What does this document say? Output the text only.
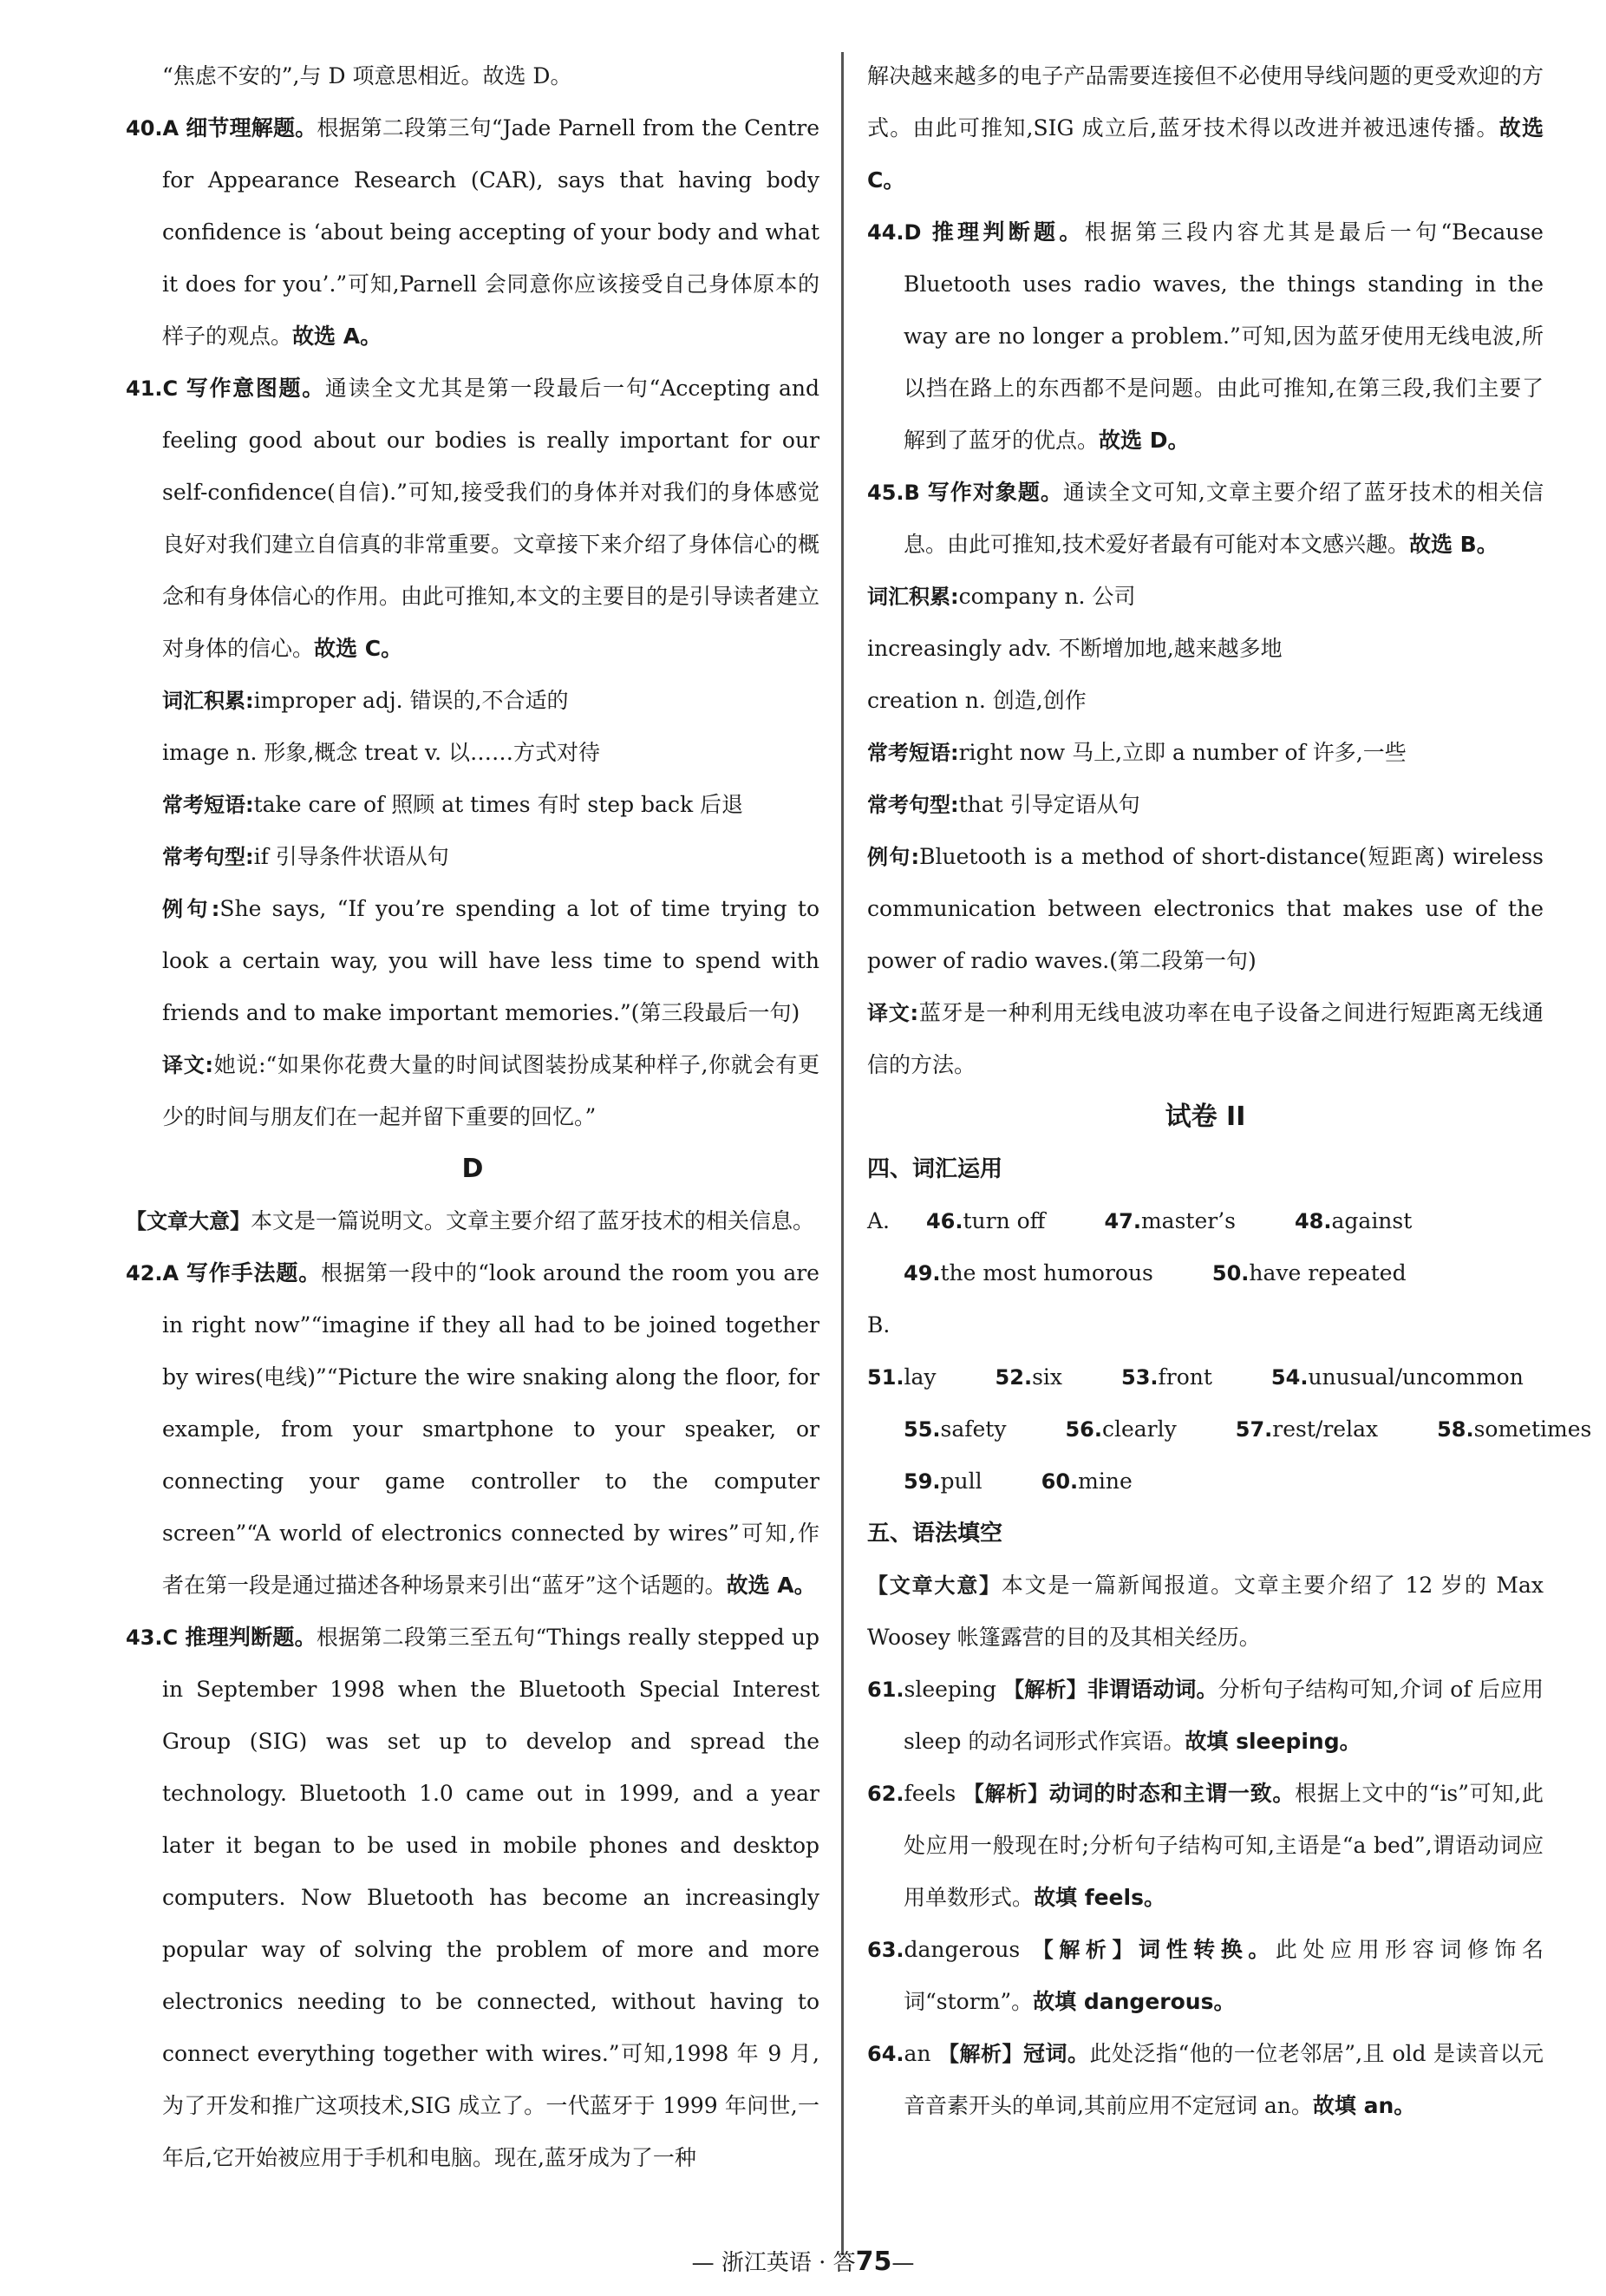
“焦虑不安的”,与 D 项意思相近。故选 D。

40.A 细节理解题。根据第二段第三句“Jade Parnell from the Centre for Appearance Research (CAR), says that having body confidence is ‘about being accepting of your body and what it does for you’.”可知,Parnell 会同意你应该接受自己身体原本的样子的观点。故选 A。

41.C 写作意图题。通读全文尤其是第一段最后一句“Accepting and feeling good about our bodies is really important for our self-confidence(自信).”可知,接受我们的身体并对我们的身体感觉良好对我们建立自信真的非常重要。文章接下来介绍了身体信心的概念和有身体信心的作用。由此可推知,本文的主要目的是引导读者建立对身体的信心。故选 C。

词汇积累:improper adj. 错误的,不合适的

image n. 形象,概念 treat v. 以……方式对待

常考短语:take care of 照顾 at times 有时 step back 后退

常考句型:if 引导条件状语从句

例句:She says, “If you’re spending a lot of time trying to look a certain way, you will have less time to spend with friends and to make important memories.”(第三段最后一句)

译文:她说:“如果你花费大量的时间试图装扮成某种样子,你就会有更少的时间与朋友们在一起并留下重要的回忆。”

D

【文章大意】本文是一篇说明文。文章主要介绍了蓝牙技术的相关信息。

42.A 写作手法题。根据第一段中的“look around the room you are in right now”“imagine if they all had to be joined together by wires(电线)”“Picture the wire snaking along the floor, for example, from your smartphone to your speaker, or connecting your game controller to the computer screen”“A world of electronics connected by wires”可知,作者在第一段是通过描述各种场景来引出“蓝牙”这个话题的。故选 A。

43.C 推理判断题。根据第二段第三至五句“Things really stepped up in September 1998 when the Bluetooth Special Interest Group (SIG) was set up to develop and spread the technology. Bluetooth 1.0 came out in 1999, and a year later it began to be used in mobile phones and desktop computers. Now Bluetooth has become an increasingly popular way of solving the problem of more and more electronics needing to be connected, without having to connect everything together with wires.”可知,1998 年 9 月,为了开发和推广这项技术,SIG 成立了。一代蓝牙于 1999 年问世,一年后,它开始被应用于手机和电脑。现在,蓝牙成为了一种

解决越来越多的电子产品需要连接但不必使用导线问题的更受欢迎的方式。由此可推知,SIG 成立后,蓝牙技术得以改进并被迅速传播。故选 C。

44.D 推理判断题。根据第三段内容尤其是最后一句“Because Bluetooth uses radio waves, the things standing in the way are no longer a problem.”可知,因为蓝牙使用无线电波,所以挡在路上的东西都不是问题。由此可推知,在第三段,我们主要了解到了蓝牙的优点。故选 D。

45.B 写作对象题。通读全文可知,文章主要介绍了蓝牙技术的相关信息。由此可推知,技术爱好者最有可能对本文感兴趣。故选 B。

词汇积累:company n. 公司

increasingly adv. 不断增加地,越来越多地

creation n. 创造,创作

常考短语:right now 马上,立即 a number of 许多,一些

常考句型:that 引导定语从句

例句:Bluetooth is a method of short-distance(短距离) wireless communication between electronics that makes use of the power of radio waves.(第二段第一句)

译文:蓝牙是一种利用无线电波功率在电子设备之间进行短距离无线通信的方法。

试卷 II

四、词汇运用

A. 46.turn off	47.master’s	48.against

49.the most humorous	50.have repeated

B. 51.lay	52.six	53.front	54.unusual/uncommon

55.safety	56.clearly	57.rest/relax	58.sometimes

59.pull	60.mine

五、语法填空

【文章大意】本文是一篇新闻报道。文章主要介绍了 12 岁的 Max Woosey 帐篷露营的目的及其相关经历。

61.sleeping 【解析】非谓语动词。分析句子结构可知,介词 of 后应用 sleep 的动名词形式作宾语。故填 sleeping。

62.feels 【解析】动词的时态和主谓一致。根据上文中的“is”可知,此处应用一般现在时;分析句子结构可知,主语是“a bed”,谓语动词应用单数形式。故填 feels。

63.dangerous 【解析】词性转换。此处应用形容词修饰名词“storm”。故填 dangerous。

64.an 【解析】冠词。此处泛指“他的一位老邻居”,且 old 是读音以元音音素开头的单词,其前应用不定冠词 an。故填 an。

— 浙江英语 · 答75—
